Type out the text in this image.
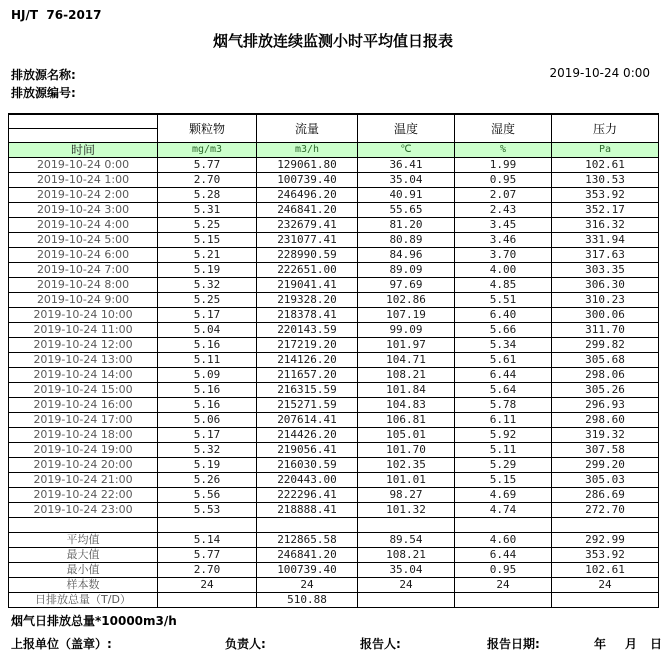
HJ/T  76-2017
烟气排放连续监测小时平均值日报表
排放源名称:
排放源编号:
2019-10-24 0:00
	颗粒物	流量	温度	湿度	压力

时间	mg/m3	m3/h	℃	%	Pa
2019-10-24 0:00	5.77	129061.80	36.41	1.99	102.61
2019-10-24 1:00	2.70	100739.40	35.04	0.95	130.53
2019-10-24 2:00	5.28	246496.20	40.91	2.07	353.92
2019-10-24 3:00	5.31	246841.20	55.65	2.43	352.17
2019-10-24 4:00	5.25	232679.41	81.20	3.45	316.32
2019-10-24 5:00	5.15	231077.41	80.89	3.46	331.94
2019-10-24 6:00	5.21	228990.59	84.96	3.70	317.63
2019-10-24 7:00	5.19	222651.00	89.09	4.00	303.35
2019-10-24 8:00	5.32	219041.41	97.69	4.85	306.30
2019-10-24 9:00	5.25	219328.20	102.86	5.51	310.23
2019-10-24 10:00	5.17	218378.41	107.19	6.40	300.06
2019-10-24 11:00	5.04	220143.59	99.09	5.66	311.70
2019-10-24 12:00	5.16	217219.20	101.97	5.34	299.82
2019-10-24 13:00	5.11	214126.20	104.71	5.61	305.68
2019-10-24 14:00	5.09	211657.20	108.21	6.44	298.06
2019-10-24 15:00	5.16	216315.59	101.84	5.64	305.26
2019-10-24 16:00	5.16	215271.59	104.83	5.78	296.93
2019-10-24 17:00	5.06	207614.41	106.81	6.11	298.60
2019-10-24 18:00	5.17	214426.20	105.01	5.92	319.32
2019-10-24 19:00	5.32	219056.41	101.70	5.11	307.58
2019-10-24 20:00	5.19	216030.59	102.35	5.29	299.20
2019-10-24 21:00	5.26	220443.00	101.01	5.15	305.03
2019-10-24 22:00	5.56	222296.41	98.27	4.69	286.69
2019-10-24 23:00	5.53	218888.41	101.32	4.74	272.70

平均值	5.14	212865.58	89.54	4.60	292.99
最大值	5.77	246841.20	108.21	6.44	353.92
最小值	2.70	100739.40	35.04	0.95	102.61
样本数	24	24	24	24	24
日排放总量（T/D）		510.88			
烟气日排放总量*10000m3/h
上报单位（盖章）:	负责人:	报告人:	报告日期:	年 月 日
